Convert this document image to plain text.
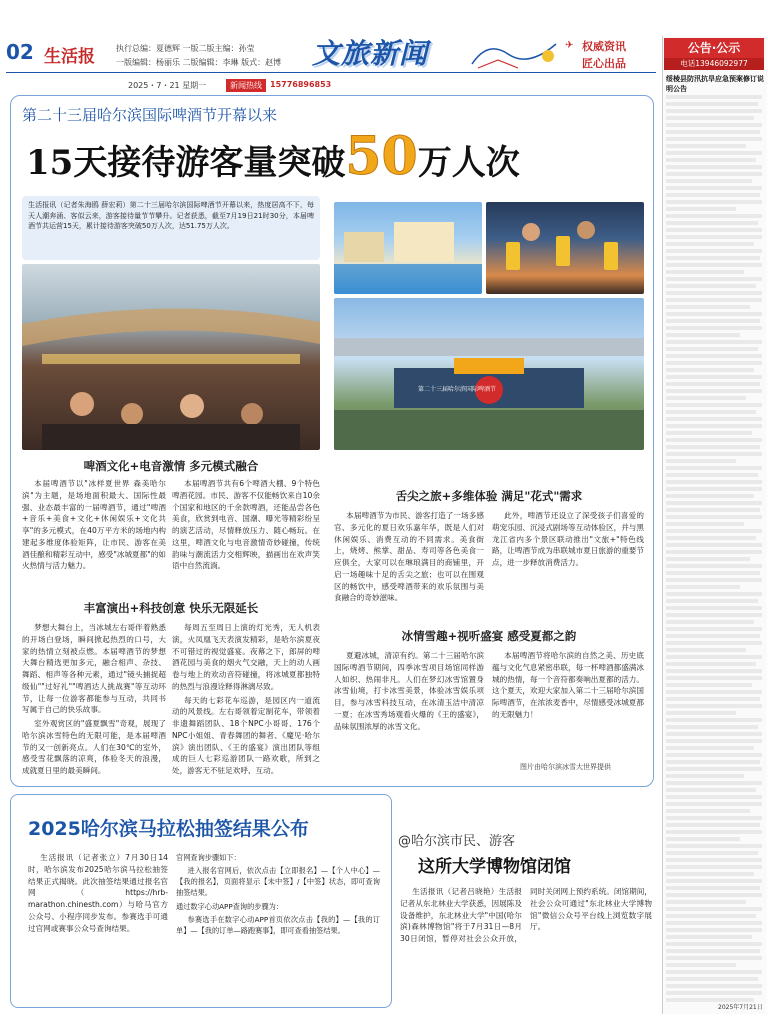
02 生活报	执行总编：夏德辉 一版二版主编：孙莹
一版编辑：杨丽乐 二版编辑：李琳 版式：赵博
2025・7・21 星期一	新闻热线	15776896853
文旅新闻	✈ 权威资讯
匠心出品
第二十三届哈尔滨国际啤酒节开幕以来
15天接待游客量突破50万人次
生活报讯（记者朱海鸥 薛宏莉）第二十三届哈尔滨国际啤酒节开幕以来，热度居高不下，每天人潮奔涌、客似云来，游客接待量节节攀升。记者获悉，截至7月19日21时30分，本届啤酒节共运营15天，累计接待游客突破50万人次，达51.75万人次。
第二十三届哈尔滨国际啤酒节
啤酒文化+电音激情 多元模式融合

本届啤酒节以"冰样夏世界 森美哈尔滨"为主题，是场地面积最大、国际性最强、业态最丰富的一届啤酒节，通过"啤酒+音乐+美食+文化+休闲娱乐+文化共享"的多元模式，在40万平方米的场地内构建起多维度体验矩阵，让市民、游客在美酒佳酿和精彩互动中，感受"冰城夏都"的如火热情与活力魅力。

本届啤酒节共有6个啤酒大棚、9个特色啤酒花园。市民、游客不仅能畅饮来自10余个国家和地区的千余款啤酒，还能品尝各色美食，欣赏到电音、国潮、曝光等精彩纷呈的演艺活动，尽情释放压力、随心畅玩。在这里，啤酒文化与电音激情奇妙碰撞，传统韵味与潮流活力交相辉映，描画出在欢声笑语中自然流淌。

丰富演出+科技创意 快乐无限延长

梦想大舞台上，当冰城左右哥伴着熟悉的开场白登场，瞬间掀起热烈的口号，大家的热情立刻被点燃。本届啤酒节的梦想大舞台精选更加多元，融合相声、杂技、舞蹈、相声等各种元素，通过"镜头捕捉超级仙""过好礼""啤酒达人挑战赛"等互动环节，让每一位游客都能参与互动，共同书写属于自己的快乐故事。

室外观赏区的"盛夏飘雪"奇观，展现了哈尔滨冰雪特色的无限可能，是本届啤酒节的又一创新亮点。人们在30℃的室外，感受雪花飘落的凉爽，体验冬天的浪漫，成就夏日里的最美瞬间。

每周五至周日上演的灯光秀，无人机表演，火凤凰飞天表演发精彩，是哈尔滨夏夜不可错过的视觉盛宴。夜幕之下，郎屏的啤酒花园与美食的烟火气交融，天上的动人画卷与地上的欢动音符碰撞，将冰城夏都独特的热烈与浪漫诠释得淋漓尽致。

每天的七彩花车巡游，是园区内一道流动的风景线。左右哥领着定制花车，带领着非遗舞蹈团队、18个NPC小哥哥、176个NPC小姐姐、青春舞团的舞者、《魔见·哈尔滨》演出团队、《王的盛宴》演出团队等组成的巨人七彩巡游团队一路欢歌，所到之处，游客无不驻足欢呼、互动。

舌尖之旅+多维体验 满足"花式"需求

本届啤酒节为市民、游客打造了一场多感官、多元化的夏日欢乐嘉年华，既是人们对休闲娱乐、消费互动的不同需求。美食街上，烧烤、熊掌、甜品、寿司等各色美食一应俱全，大家可以在琳琅满目的商铺里，开启一场趣味十足的舌尖之旅；也可以在围观区的畅饮中，感受啤酒带来的欢乐氛围与美食融合的奇妙滋味。

此外，啤酒节还设立了深受孩子们喜爱的萌宠乐园、沉浸式剧场等互动体验区，并与黑龙江省内多个景区联动推出"文旅+"特色线路，让啤酒节成为串联城市夏日旅游的重要节点，进一步释放消费活力。

冰情雪趣+视听盛宴 感受夏都之韵

夏避冰城，清凉有约。第二十三届哈尔滨国际啤酒节期间，四季冰雪项目场馆同样游人如织、热闹非凡。人们在梦幻冰雪馆置身冰雪仙境，打卡冰雪美景，体验冰雪娱乐项目，参与冰雪科技互动，在冰清玉洁中清凉一夏；在冰雪秀场观看火爆的《王的盛宴》，品味氛围浓厚的冰雪文化。

本届啤酒节将哈尔滨的自然之美、历史底蕴与文化气息紧密串联，每一杯啤酒都盛满冰城的热情，每一个音符都奏响出夏都的活力。这个夏天，欢迎大家加入第二十三届哈尔滨国际啤酒节，在浓浓麦香中，尽情感受冰城夏都的无限魅力！

图片由哈尔滨冰雪大世界提供
2025哈尔滨马拉松抽签结果公布

生活报讯（记者张立）7月30日14时，哈尔滨发布2025哈尔滨马拉松抽签结果正式揭晓。此次抽签结果通过报名官网（https://hrb-marathon.chinesth.com）与哈马官方公众号、小程序同步发布。参赛选手可通过官网或赛事公众号查询结果。

官网查询步骤如下：

进入报名官网后，依次点击【立即报名】—【个人中心】—【我的报名】，页面将显示【未中签】/【中签】状态，即可查询抽签结果。

通过数字心动APP查询的步骤为：

参赛选手在数字心动APP首页依次点击【我的】—【我的订单】—【我的订单—路跑赛事】，即可查看抽签结果。

@哈尔滨市民、游客
这所大学博物馆闭馆

生活报讯（记者吕晓艳）生活报记者从东北林业大学获悉，因展陈及设备维护，东北林业大学"中国(哈尔滨)森林博物馆"将于7月31日—8月30日闭馆，暂停对社会公众开放，同时关闭网上预约系统。闭馆期间，社会公众可通过"东北林业大学博物馆"微信公众号平台线上浏览数字展厅。

公告·公示
电话13946092977
绥棱县防汛抗旱应急预案修订说明公告
2025年7月21日
